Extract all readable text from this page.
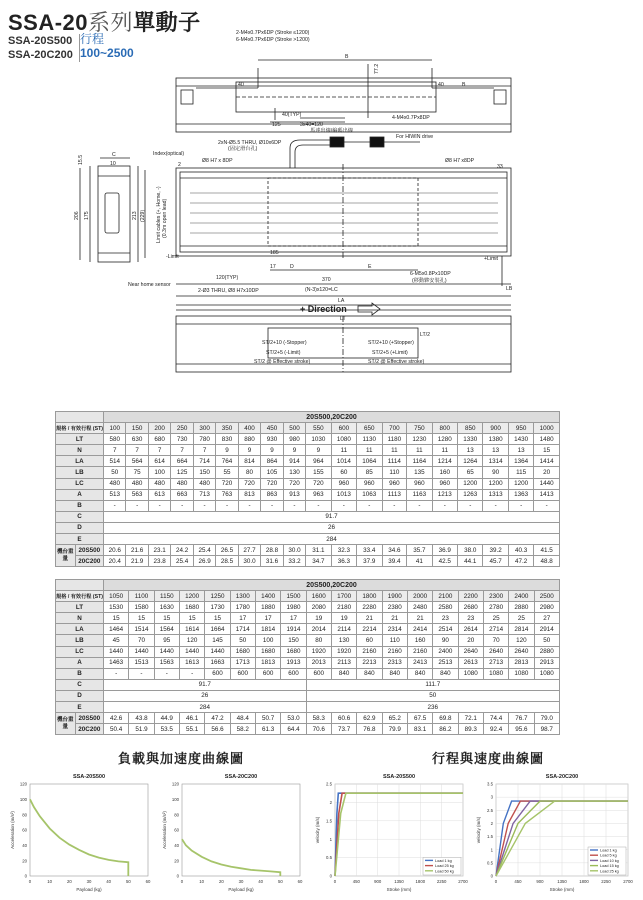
SSA-20系列單動子
SSA-20S500
SSA-20C200
行程
100~2500
2-M4x0.7Px6DP (Stroke ≤1200)
6-M4x0.7Px6DP (Stroke >1200)
B
40	40	B
77.2
40(TYP)
125	3x40=120
4-M4x0.7Px8DP
馬達出線/編碼出線
For HIWIN drive
2xN-Ø5.5 THRU, Ø10x6DP
(固定滑台孔)
Index(optical)
Ø8 H7 x 8DP	Ø8 H7 x8DP
2	33
15.5	C
10
206 175	213 (229) Limit cables (+, Home, -) (0.3m open lead)
-Limit	+Limit
185
17	D	E
370
(N-3)x120=LC
120(TYP)
Near home sensor
2-Ø3 THRU, Ø8 H7x10DP
6-M5x0.8Px10DP
(移動夥安裝孔)
LB
LA
LT
LT/2
ST/2+10 (-Stopper)
ST/2+5 (-Limit)
ST/2 @ Effective stroke)
ST/2+10 (+Stopper)
ST/2+5 (+Limit)
ST/2 @ Effective stroke)
+ Direction
		20S500,20C200																		
規格 / 有效行程 (ST)		100	150	200	250	300	350	400	450	500	550	600	650	700	750	800	850	900	950	1000
LT		580	630	680	730	780	830	880	930	980	1030	1080	1130	1180	1230	1280	1330	1380	1430	1480
N		7	7	7	7	7	9	9	9	9	9	11	11	11	11	11	13	13	13	15
LA		514	564	614	664	714	764	814	864	914	964	1014	1064	1114	1164	1214	1264	1314	1364	1414
LB		50	75	100	125	150	55	80	105	130	155	60	85	110	135	160	65	90	115	20
LC		480	480	480	480	480	720	720	720	720	720	960	960	960	960	960	1200	1200	1200	1440
A		513	563	613	663	713	763	813	863	913	963	1013	1063	1113	1163	1213	1263	1313	1363	1413
B		-	-	-	-	-	-	-	-	-	-	-	-	-	-	-	-	-	-	-
C		91.7																		
D		26																		
E		284																		
機台重量	20S500	20.6	21.6	23.1	24.2	25.4	26.5	27.7	28.8	30.0	31.1	32.3	33.4	34.6	35.7	36.9	38.0	39.2	40.3	41.5
	20C200	20.4	21.9	23.8	25.4	26.9	28.5	30.0	31.6	33.2	34.7	36.3	37.9	39.4	41	42.5	44.1	45.7	47.2	48.8
		20S500,20C200																	
規格 / 有效行程 (ST)		1050	1100	1150	1200	1250	1300	1400	1500	1600	1700	1800	1900	2000	2100	2200	2300	2400	2500
LT		1530	1580	1630	1680	1730	1780	1880	1980	2080	2180	2280	2380	2480	2580	2680	2780	2880	2980
N		15	15	15	15	15	17	17	17	19	19	21	21	21	23	23	25	25	27
LA		1464	1514	1564	1614	1664	1714	1814	1914	2014	2114	2214	2314	2414	2514	2614	2714	2814	2914
LB		45	70	95	120	145	50	100	150	80	130	60	110	160	90	20	70	120	50
LC		1440	1440	1440	1440	1440	1680	1680	1680	1920	1920	2160	2160	2160	2400	2640	2640	2640	2880
A		1463	1513	1563	1613	1663	1713	1813	1913	2013	2113	2213	2313	2413	2513	2613	2713	2813	2913
B		-	-	-	-	600	600	600	600	600	840	840	840	840	840	1080	1080	1080	1080
C		91.7								111.7									
D		26								50									
E		284								236									
機台重量	20S500	42.6	43.8	44.9	46.1	47.2	48.4	50.7	53.0	58.3	60.6	62.9	65.2	67.5	69.8	72.1	74.4	76.7	79.0
	20C200	50.4	51.9	53.5	55.1	56.6	58.2	61.3	64.4	70.6	73.7	76.8	79.9	83.1	86.2	89.3	92.4	95.6	98.7
負載與加速度曲線圖	行程與速度曲線圖
SSA-20S500
0
20
40
60
80
100
120
0	10	20	30	40	50	60
Payload (kg)
Acceleration (m/s²)
SSA-20C200
0
20
40
60
80
100
120
0	10	20	30	40	50	60
Payload (kg)
Acceleration (m/s²)
SSA-20S500
0
0.5
1
1.5
2
2.5
0	450	900	1350	1800	2250	2700
Stroke (mm)
velocity (m/s)
Load 1 kg
Load 25 kg
Load 50 kg
SSA-20C200
0
0.5
1
1.5
2
2.5
3
3.5
0	450	900	1350	1800	2250	2700
Stroke (mm)
velocity (m/s)
Load 1 kg
Load 5 kg
Load 10 kg
Load 15 kg
Load 25 kg
